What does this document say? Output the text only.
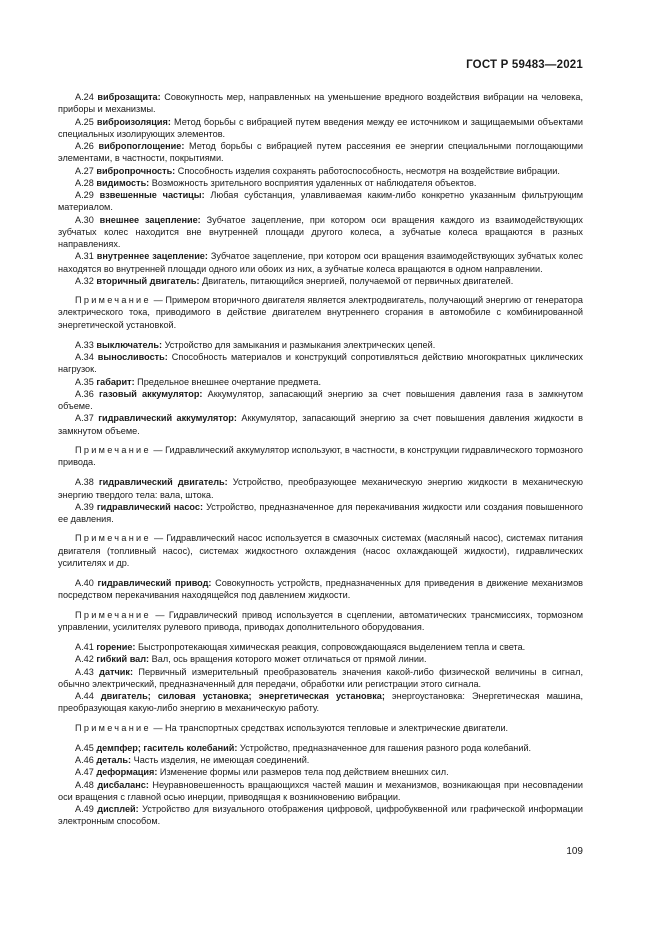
ГОСТ Р 59483—2021

А.24 виброзащита: Совокупность мер, направленных на уменьшение вредного воздействия вибрации на человека, приборы и механизмы.

А.25 виброизоляция: Метод борьбы с вибрацией путем введения между ее источником и защищаемыми объектами специальных изолирующих элементов.

А.26 вибропоглощение: Метод борьбы с вибрацией путем рассеяния ее энергии специальными поглощающими элементами, в частности, покрытиями.

А.27 вибропрочность: Способность изделия сохранять работоспособность, несмотря на воздействие вибрации.

А.28 видимость: Возможность зрительного восприятия удаленных от наблюдателя объектов.

А.29 взвешенные частицы: Любая субстанция, улавливаемая каким-либо конкретно указанным фильтрующим материалом.

А.30 внешнее зацепление: Зубчатое зацепление, при котором оси вращения каждого из взаимодействующих зубчатых колес находится вне внутренней площади другого колеса, а зубчатые колеса вращаются в разных направлениях.

А.31 внутреннее зацепление: Зубчатое зацепление, при котором оси вращения взаимодействующих зубчатых колес находятся во внутренней площади одного или обоих из них, а зубчатые колеса вращаются в одном направлении.

А.32 вторичный двигатель: Двигатель, питающийся энергией, получаемой от первичных двигателей.

Примечание — Примером вторичного двигателя является электродвигатель, получающий энергию от генератора электрического тока, приводимого в действие двигателем внутреннего сгорания в автомобиле с комбинированной энергетической установкой.

А.33 выключатель: Устройство для замыкания и размыкания электрических цепей.

А.34 выносливость: Способность материалов и конструкций сопротивляться действию многократных циклических нагрузок.

А.35 габарит: Предельное внешнее очертание предмета.

А.36 газовый аккумулятор: Аккумулятор, запасающий энергию за счет повышения давления газа в замкнутом объеме.

А.37 гидравлический аккумулятор: Аккумулятор, запасающий энергию за счет повышения давления жидкости в замкнутом объеме.

Примечание — Гидравлический аккумулятор используют, в частности, в конструкции гидравлического тормозного привода.

А.38 гидравлический двигатель: Устройство, преобразующее механическую энергию жидкости в механическую энергию твердого тела: вала, штока.

А.39 гидравлический насос: Устройство, предназначенное для перекачивания жидкости или создания повышенного ее давления.

Примечание — Гидравлический насос используется в смазочных системах (масляный насос), системах питания двигателя (топливный насос), системах жидкостного охлаждения (насос охлаждающей жидкости), гидравлических усилителях и др.

А.40 гидравлический привод: Совокупность устройств, предназначенных для приведения в движение механизмов посредством перекачивания находящейся под давлением жидкости.

Примечание — Гидравлический привод используется в сцеплении, автоматических трансмиссиях, тормозном управлении, усилителях рулевого привода, приводах дополнительного оборудования.

А.41 горение: Быстропротекающая химическая реакция, сопровождающаяся выделением тепла и света.

А.42 гибкий вал: Вал, ось вращения которого может отличаться от прямой линии.

А.43 датчик: Первичный измерительный преобразователь значения какой-либо физической величины в сигнал, обычно электрический, предназначенный для передачи, обработки или регистрации этого сигнала.

А.44 двигатель; силовая установка; энергетическая установка; энергоустановка: Энергетическая машина, преобразующая какую-либо энергию в механическую работу.

Примечание — На транспортных средствах используются тепловые и электрические двигатели.

А.45 демпфер; гаситель колебаний: Устройство, предназначенное для гашения разного рода колебаний.

А.46 деталь: Часть изделия, не имеющая соединений.

А.47 деформация: Изменение формы или размеров тела под действием внешних сил.

А.48 дисбаланс: Неуравновешенность вращающихся частей машин и механизмов, возникающая при несовпадении оси вращения с главной осью инерции, приводящая к возникновению вибрации.

А.49 дисплей: Устройство для визуального отображения цифровой, цифробуквенной или графической информации электронным способом.

109
